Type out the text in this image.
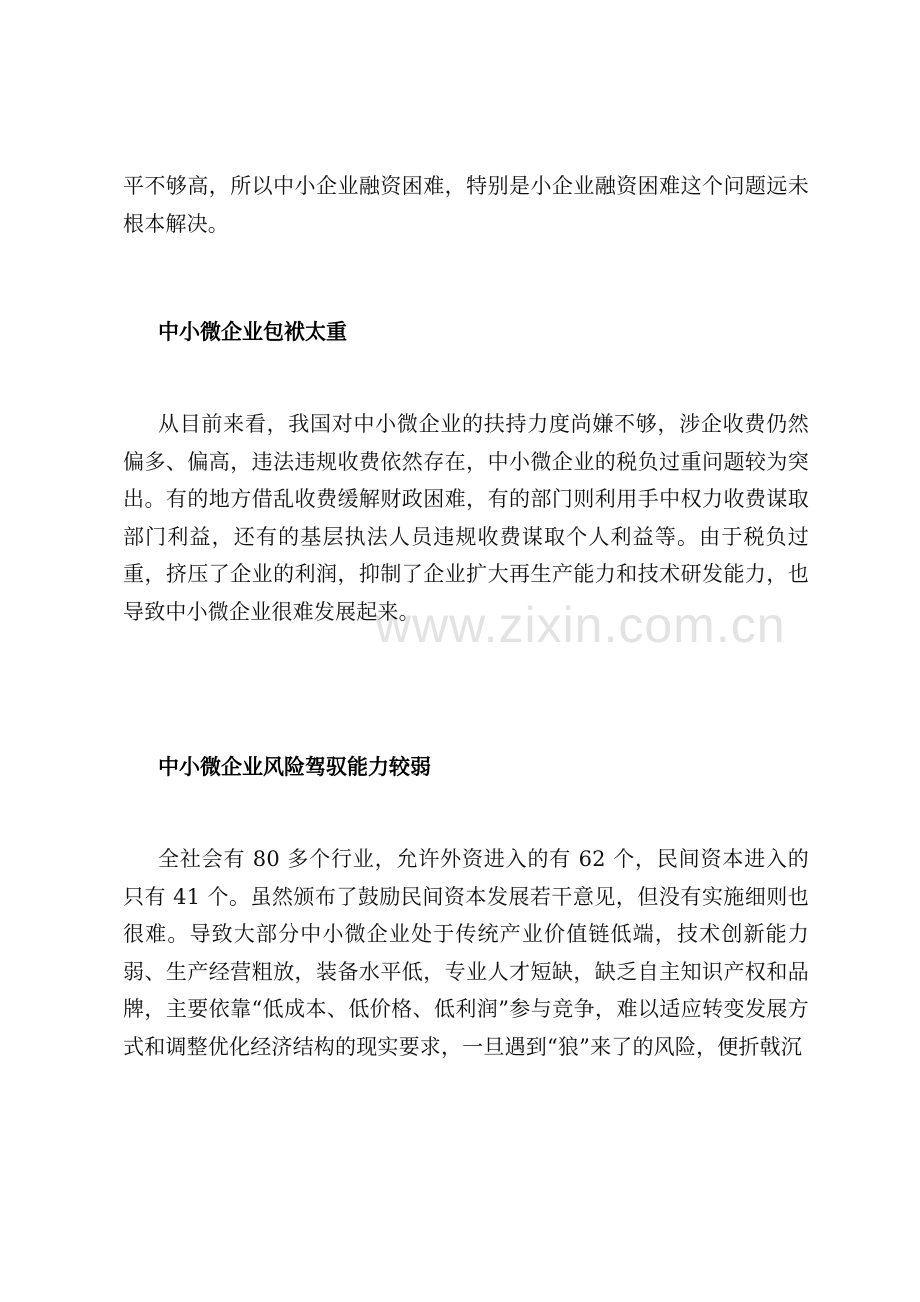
www.zixin.com.cn
平不够高，所以中小企业融资困难，特别是小企业融资困难这个问题远未根本解决。
中小微企业包袱太重
从目前来看，我国对中小微企业的扶持力度尚嫌不够，涉企收费仍然偏多、偏高，违法违规收费依然存在，中小微企业的税负过重问题较为突出。有的地方借乱收费缓解财政困难，有的部门则利用手中权力收费谋取部门利益，还有的基层执法人员违规收费谋取个人利益等。由于税负过重，挤压了企业的利润，抑制了企业扩大再生产能力和技术研发能力，也导致中小微企业很难发展起来。
中小微企业风险驾驭能力较弱
全社会有 80 多个行业，允许外资进入的有 62 个，民间资本进入的只有 41 个。虽然颁布了鼓励民间资本发展若干意见，但没有实施细则也很难。导致大部分中小微企业处于传统产业价值链低端，技术创新能力弱、生产经营粗放，装备水平低，专业人才短缺，缺乏自主知识产权和品牌，主要依靠“低成本、低价格、低利润”参与竞争，难以适应转变发展方式和调整优化经济结构的现实要求，一旦遇到“狼”来了的风险，便折戟沉
